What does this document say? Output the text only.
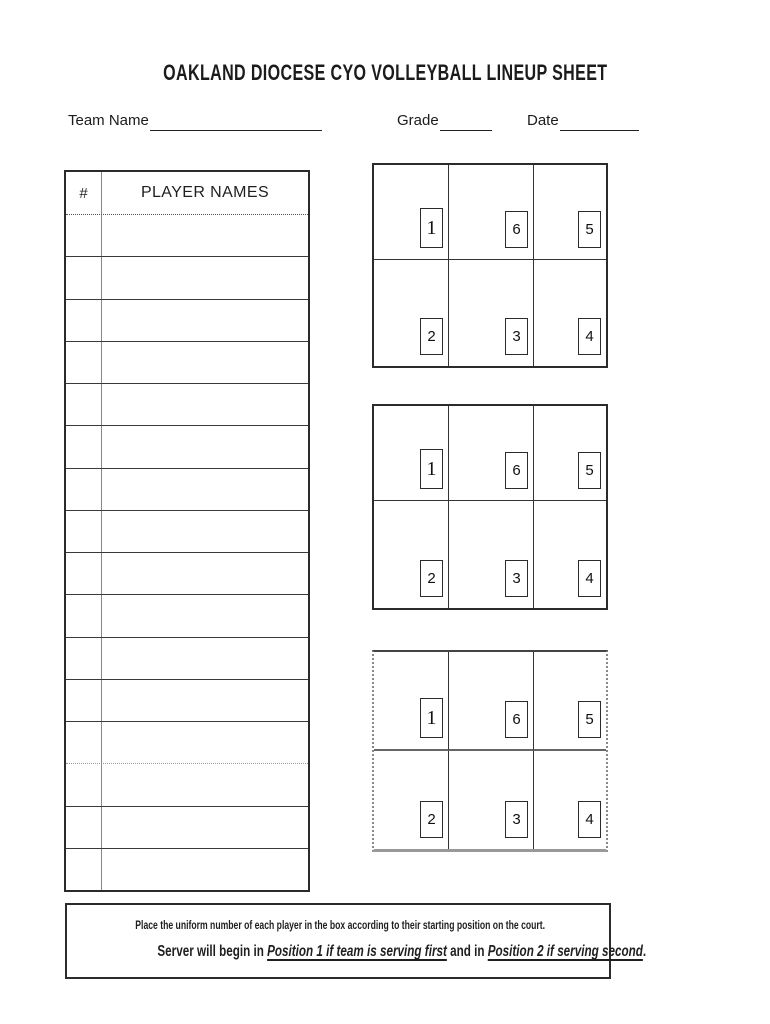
OAKLAND DIOCESE CYO VOLLEYBALL LINEUP SHEET
Team Name	Grade	Date
#	PLAYER NAMES
1	6	5
2	3	4
1	6	5
2	3	4
1	6	5
2	3	4
Place the uniform number of each player in the box according to their starting position on the court.
Server will begin in Position 1 if team is serving first and in Position 2 if serving second.
